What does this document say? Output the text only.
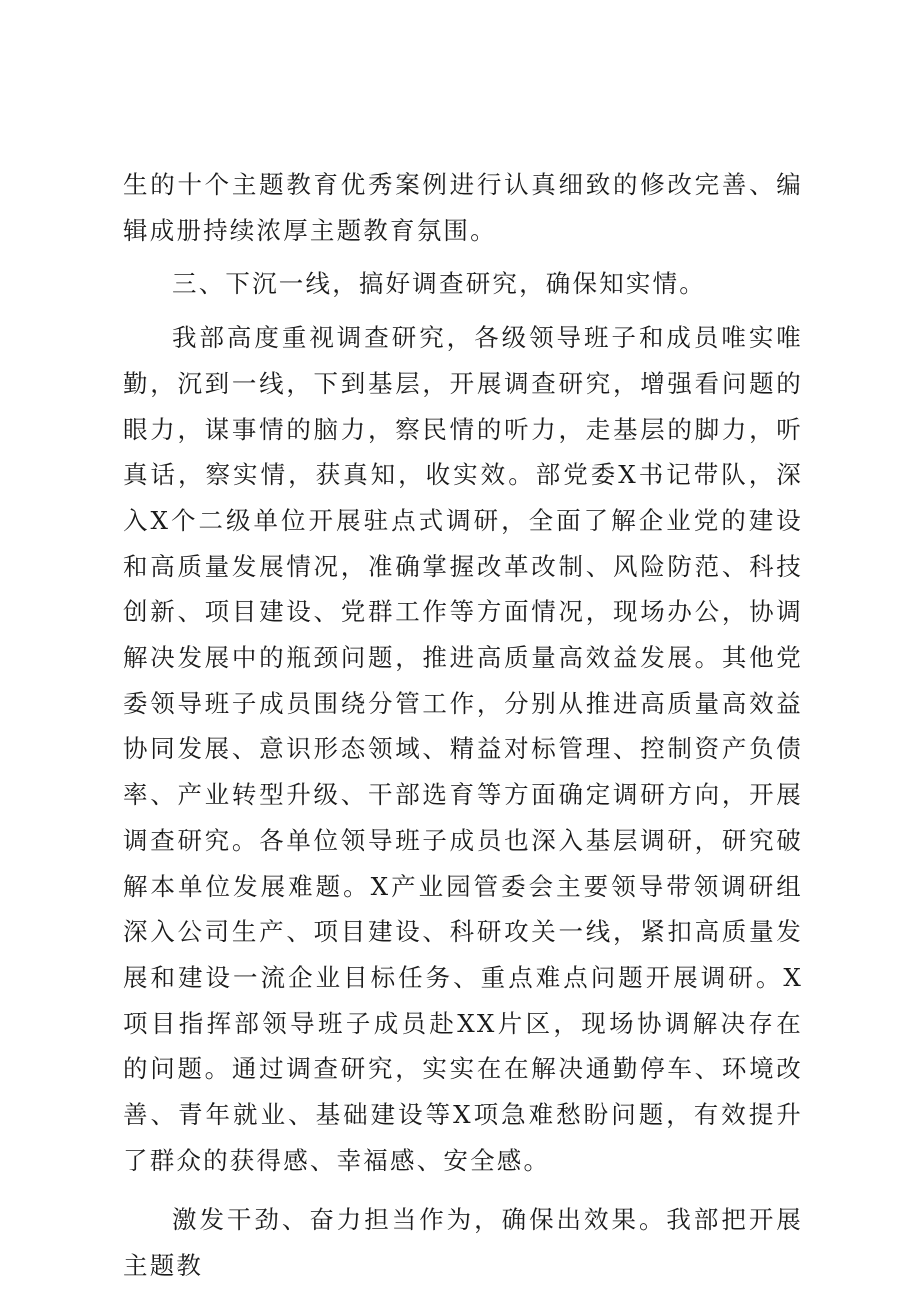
生的十个主题教育优秀案例进行认真细致的修改完善、编辑成册持续浓厚主题教育氛围。

三、下沉一线，搞好调查研究，确保知实情。

我部高度重视调查研究，各级领导班子和成员唯实唯勤，沉到一线，下到基层，开展调查研究，增强看问题的眼力，谋事情的脑力，察民情的听力，走基层的脚力，听真话，察实情，获真知，收实效。部党委X书记带队，深入X个二级单位开展驻点式调研，全面了解企业党的建设和高质量发展情况，准确掌握改革改制、风险防范、科技创新、项目建设、党群工作等方面情况，现场办公，协调解决发展中的瓶颈问题，推进高质量高效益发展。其他党委领导班子成员围绕分管工作，分别从推进高质量高效益协同发展、意识形态领域、精益对标管理、控制资产负债率、产业转型升级、干部选育等方面确定调研方向，开展调查研究。各单位领导班子成员也深入基层调研，研究破解本单位发展难题。X产业园管委会主要领导带领调研组深入公司生产、项目建设、科研攻关一线，紧扣高质量发展和建设一流企业目标任务、重点难点问题开展调研。X项目指挥部领导班子成员赴XX片区，现场协调解决存在的问题。通过调查研究，实实在在解决通勤停车、环境改善、青年就业、基础建设等X项急难愁盼问题，有效提升了群众的获得感、幸福感、安全感。

激发干劲、奋力担当作为，确保出效果。我部把开展主题教
